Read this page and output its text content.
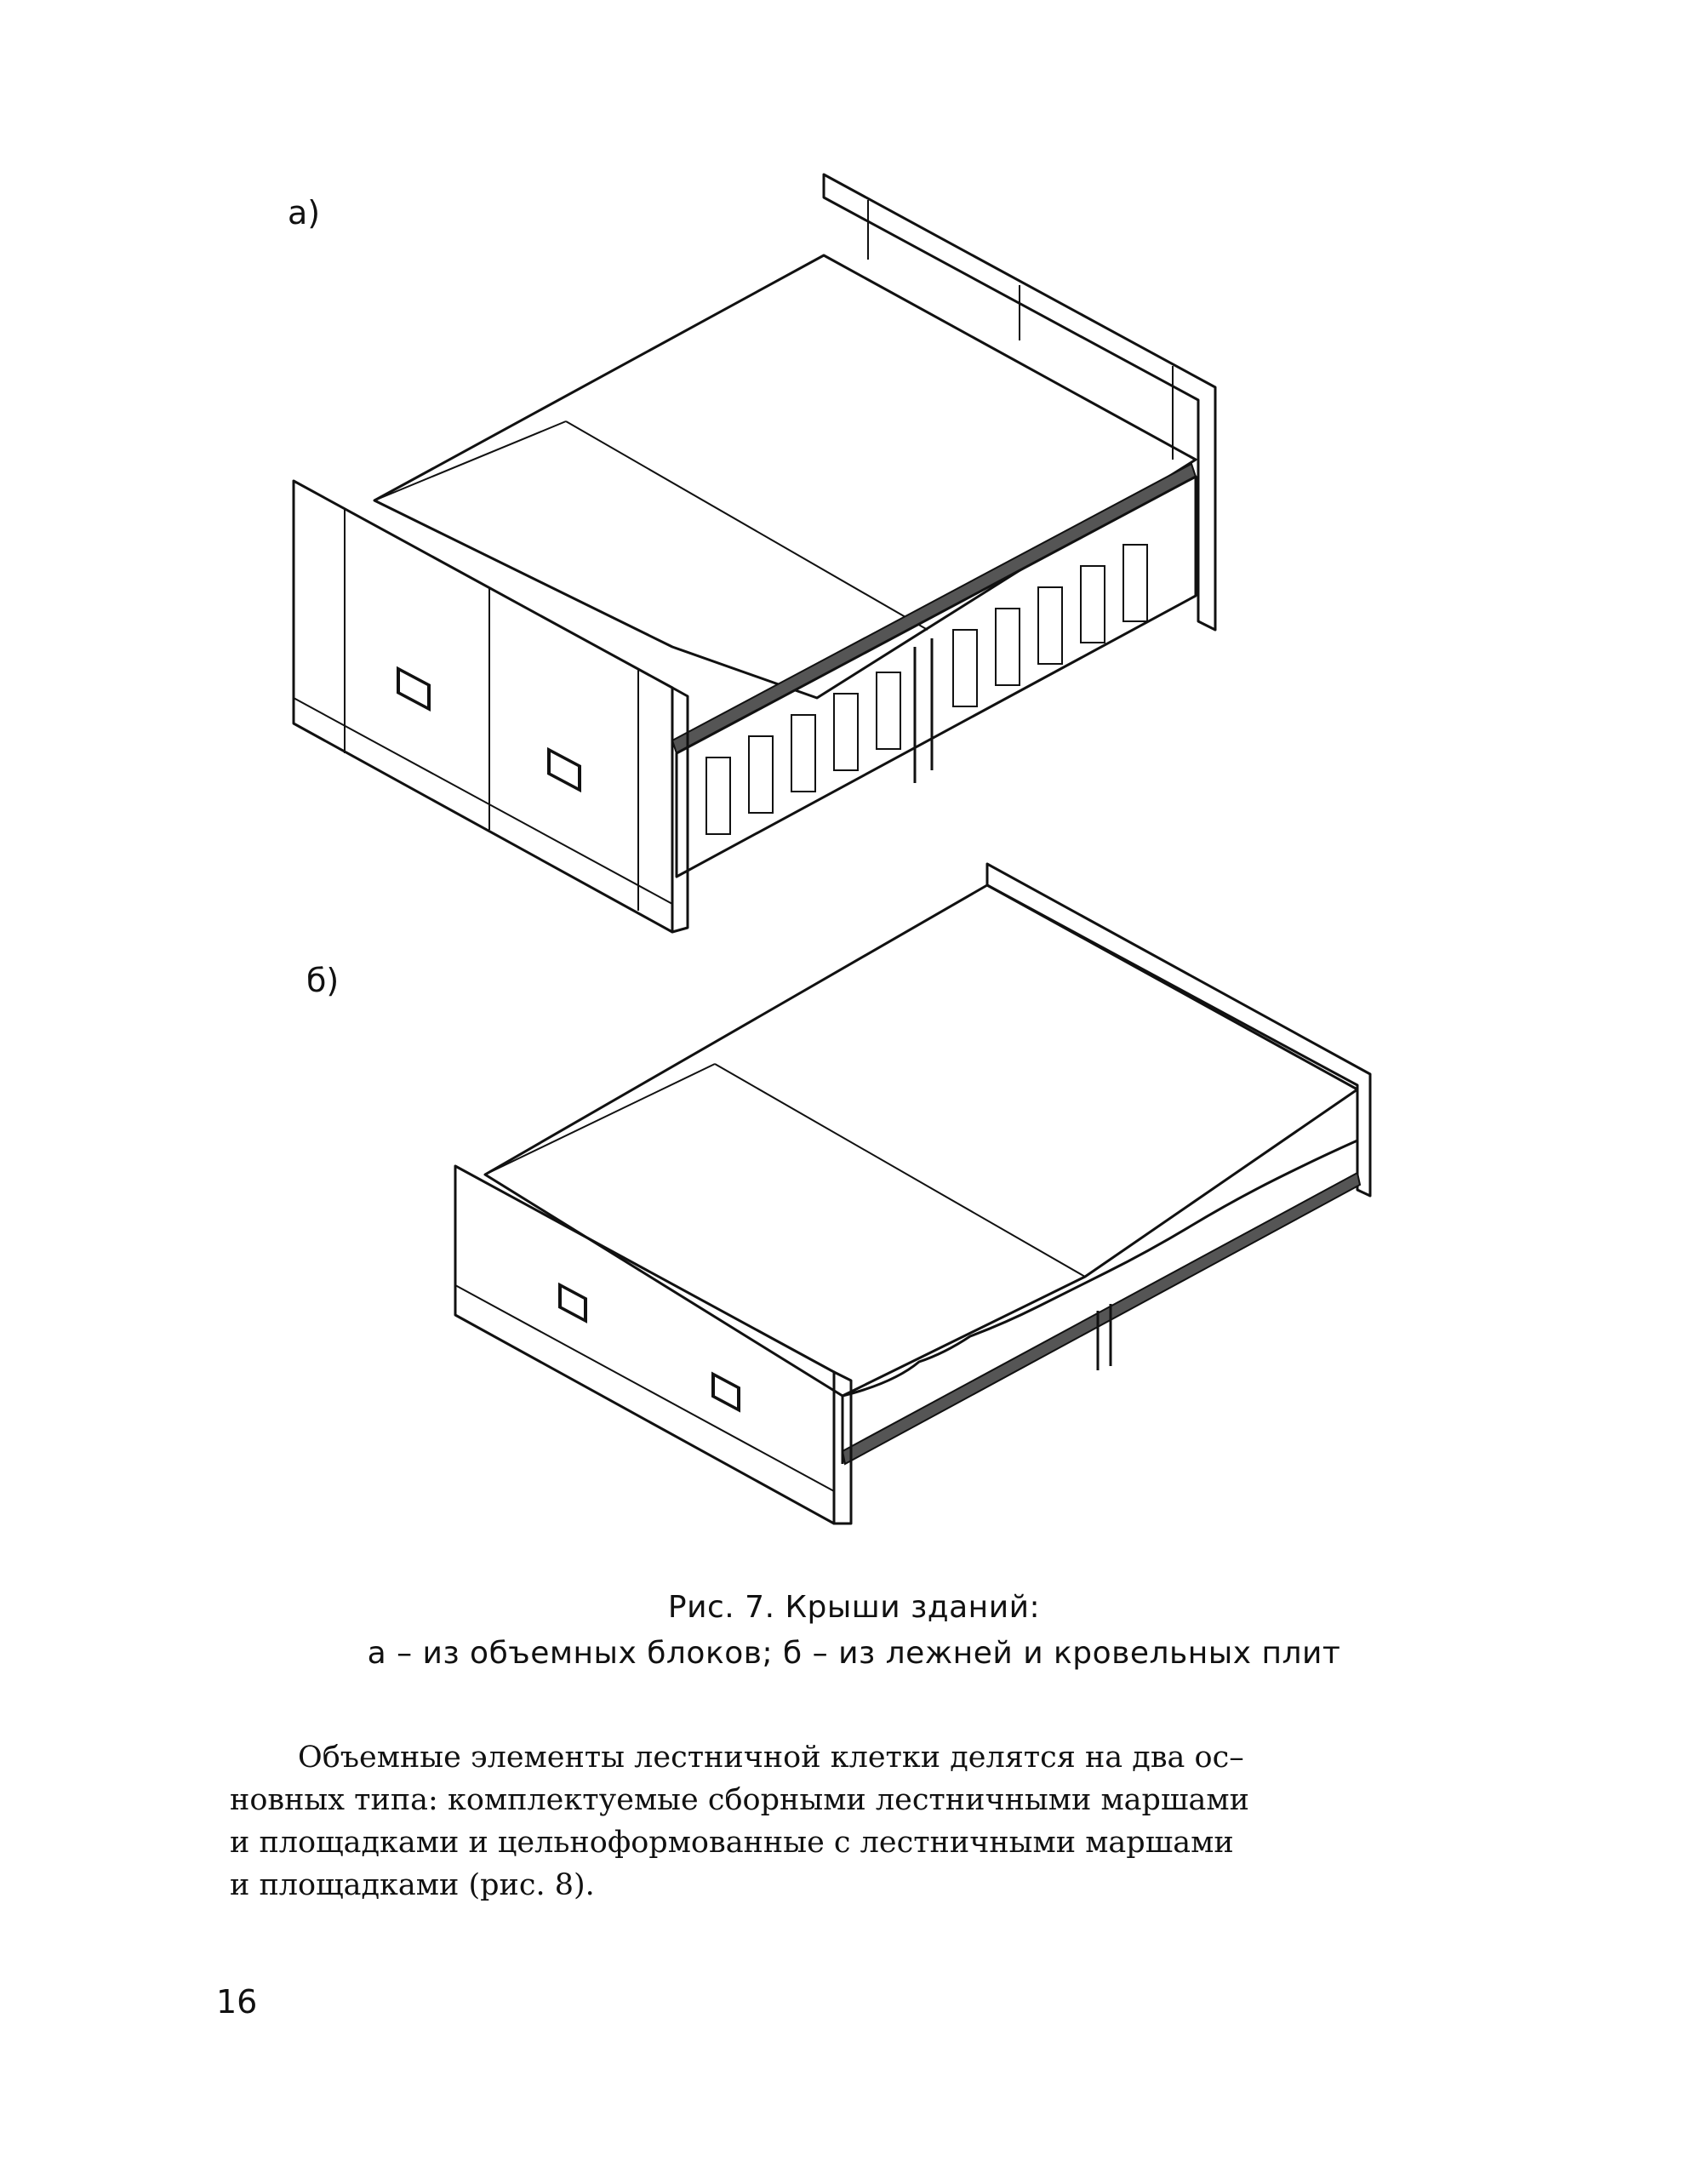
а)
б)
Рис. 7. Крыши зданий:
а – из объемных блоков; б – из лежней и кровельных плит
Объемные элементы лестничной клетки делятся на два ос–
новных типа: комплектуемые сборными лестничными маршами
и площадками и цельноформованные с лестничными маршами
и площадками (рис. 8).
16
